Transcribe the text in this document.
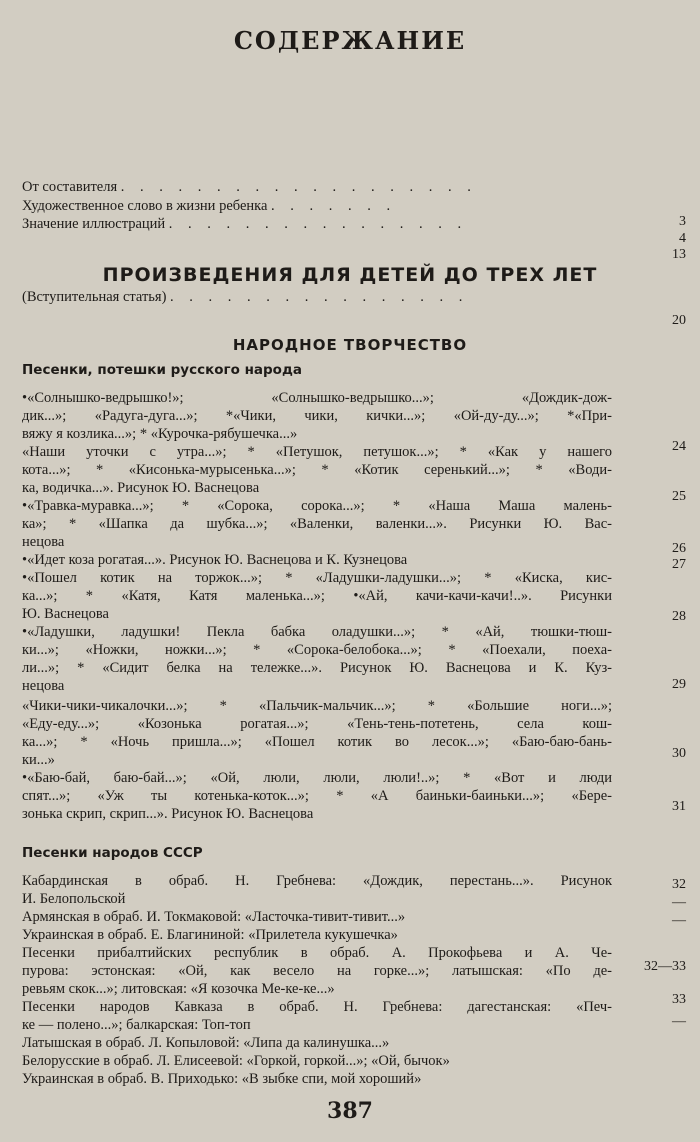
СОДЕРЖАНИЕ
От составителя . . . . . . . . . . . . . . . . . . .
Художественное слово в жизни ребенка . . . . . . .
Значение иллюстраций . . . . . . . . . . . . . . . .	3
4
13
ПРОИЗВЕДЕНИЯ ДЛЯ ДЕТЕЙ ДО ТРЕХ ЛЕТ
(Вступительная статья) . . . . . . . . . . . . . . . .
20
НАРОДНОЕ ТВОРЧЕСТВО
Песенки, потешки русского народа
•«Солнышко-ведрышко!»; «Солнышко-ведрышко...»; «Дождик-дож-
дик...»; «Радуга-дуга...»; *«Чики, чики, кички...»; «Ой-ду-ду...»; *«При-
вяжу я козлика...»; * «Курочка-рябушечка...»
«Наши уточки с утра...»; * «Петушок, петушок...»; * «Как у нашего
кота...»; * «Кисонька-мурысенька...»; * «Котик серенький...»; * «Води-
ка, водичка...». Рисунок Ю. Васнецова
•«Травка-муравка...»; * «Сорока, сорока...»; * «Наша Маша малень-
ка»; * «Шапка да шубка...»; «Валенки, валенки...». Рисунки Ю. Вас-
нецова
•«Идет коза рогатая...». Рисунок Ю. Васнецова и К. Кузнецова
•«Пошел котик на торжок...»; * «Ладушки-ладушки...»; * «Киска, кис-
ка...»; * «Катя, Катя маленька...»; •«Ай, качи-качи-качи!..». Рисунки
Ю. Васнецова
•«Ладушки, ладушки! Пекла бабка оладушки...»; * «Ай, тюшки-тюш-
ки...»; «Ножки, ножки...»; * «Сорока-белобока...»; * «Поехали, поеха-
ли...»; * «Сидит белка на тележке...». Рисунок Ю. Васнецова и К. Куз-
нецова
«Чики-чики-чикалочки...»; * «Пальчик-мальчик...»; * «Большие ноги...»;
«Еду-еду...»; «Козонька рогатая...»; «Тень-тень-потетень, села кош-
ка...»; * «Ночь пришла...»; «Пошел котик во лесок...»; «Баю-баю-бань-
ки...»
•«Баю-бай, баю-бай...»; «Ой, люли, люли, люли!..»; * «Вот и люди
спят...»; «Уж ты котенька-коток...»; * «А баиньки-баиньки...»; «Бере-
зонька скрип, скрип...». Рисунок Ю. Васнецова
24
25
26
27
28
29
30
31
Песенки народов СССР
Кабардинская в обраб. Н. Гребнева: «Дождик, перестань...». Рисунок
И. Белопольской
Армянская в обраб. И. Токмаковой: «Ласточка-тивит-тивит...»
Украинская в обраб. Е. Благининой: «Прилетела кукушечка»
Песенки прибалтийских республик в обраб. А. Прокофьева и А. Че-
пурова: эстонская: «Ой, как весело на горке...»; латышская: «По де-
ревьям скок...»; литовская: «Я козочка Ме-ке-ке...»
Песенки народов Кавказа в обраб. Н. Гребнева: дагестанская: «Печ-
ке — полено...»; балкарская: Топ-топ
Латышская в обраб. Л. Копыловой: «Липа да калинушка...»
Белорусские в обраб. Л. Елисеевой: «Горкой, горкой...»; «Ой, бычок»
Украинская в обраб. В. Приходько: «В зыбке спи, мой хороший»
32
—
—
32—33
33
—
387
